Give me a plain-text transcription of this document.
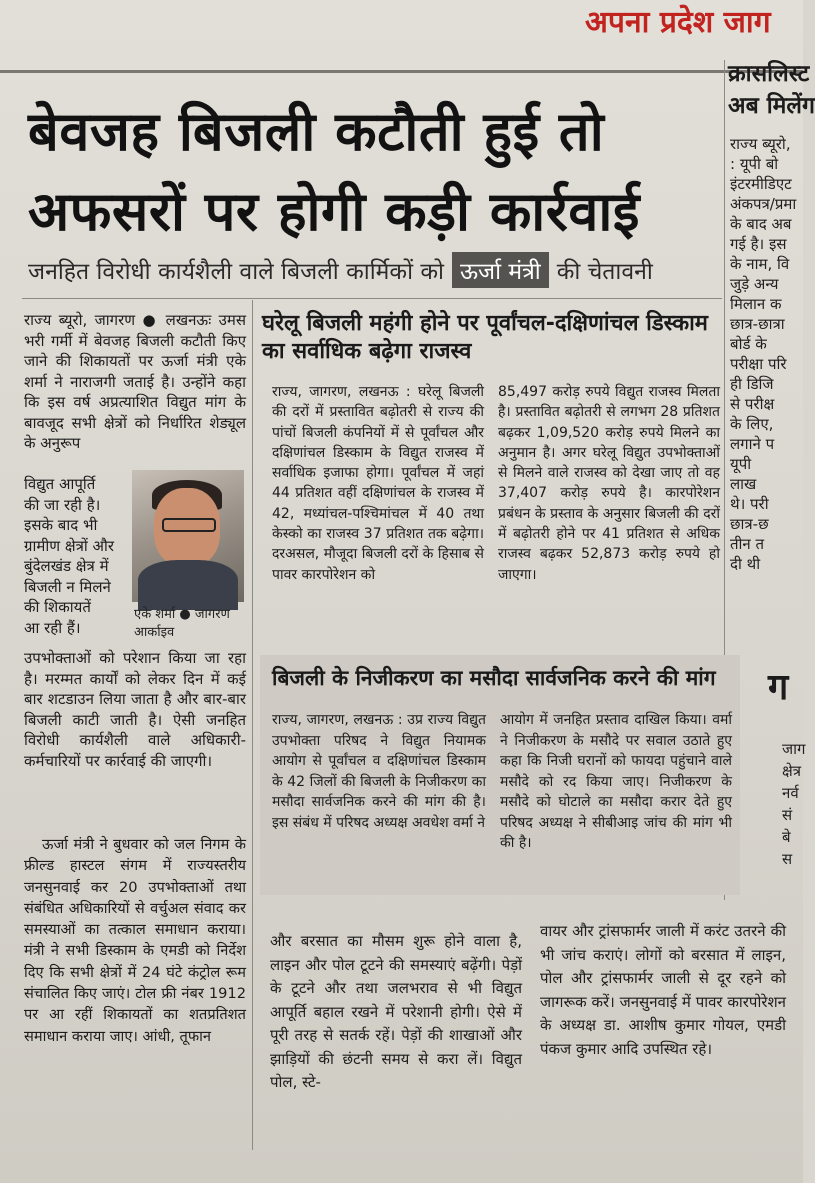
अपना प्रदेश जाग
बेवजह बिजली कटौती हुई तो
अफसरों पर होगी कड़ी कार्रवाई
जनहित विरोधी कार्यशैली वाले बिजली कार्मिकों को ऊर्जा मंत्री की चेतावनी
राज्य ब्यूरो, जागरण ● लखनऊः उमस भरी गर्मी में बेवजह बिजली कटौती किए जाने की शिकायतों पर ऊर्जा मंत्री एके शर्मा ने नाराजगी जताई है। उन्होंने कहा कि इस वर्ष अप्रत्याशित विद्युत मांग के बावजूद सभी क्षेत्रों को निर्धारित शेड्यूल के अनुरूप
विद्युत आपूर्ति
की जा रही है।
इसके बाद भी
ग्रामीण क्षेत्रों और
बुंदेलखंड क्षेत्र में
बिजली न मिलने
की शिकायतें
आ रही हैं।
एके शर्मा ● जागरण आर्काइव
उपभोक्ताओं को परेशान किया जा रहा है। मरम्मत कार्यों को लेकर दिन में कई बार शटडाउन लिया जाता है और बार-बार बिजली काटी जाती है। ऐसी जनहित विरोधी कार्यशैली वाले अधिकारी-कर्मचारियों पर कार्रवाई की जाएगी।
ऊर्जा मंत्री ने बुधवार को जल निगम के फ्रील्ड हास्टल संगम में राज्यस्तरीय जनसुनवाई कर 20 उपभोक्ताओं तथा संबंधित अधिकारियों से वर्चुअल संवाद कर समस्याओं का तत्काल समाधान कराया। मंत्री ने सभी डिस्काम के एमडी को निर्देश दिए कि सभी क्षेत्रों में 24 घंटे कंट्रोल रूम संचालित किए जाएं। टोल फ्री नंबर 1912 पर आ रहीं शिकायतों का शतप्रतिशत समाधान कराया जाए। आंधी, तूफान
घरेलू बिजली महंगी होने पर पूर्वांचल-दक्षिणांचल डिस्काम का सर्वाधिक बढ़ेगा राजस्व
राज्य, जागरण, लखनऊ : घरेलू बिजली की दरों में प्रस्तावित बढ़ोतरी से राज्य की पांचों बिजली कंपनियों में से पूर्वांचल और दक्षिणांचल डिस्काम के विद्युत राजस्व में सर्वाधिक इजाफा होगा। पूर्वांचल में जहां 44 प्रतिशत वहीं दक्षिणांचल के राजस्व में 42, मध्यांचल-पश्चिमांचल में 40 तथा केस्को का राजस्व 37 प्रतिशत तक बढ़ेगा। दरअसल, मौजूदा बिजली दरों के हिसाब से पावर कारपोरेशन को
85,497 करोड़ रुपये विद्युत राजस्व मिलता है। प्रस्तावित बढ़ोतरी से लगभग 28 प्रतिशत बढ़कर 1,09,520 करोड़ रुपये मिलने का अनुमान है। अगर घरेलू विद्युत उपभोक्ताओं से मिलने वाले राजस्व को देखा जाए तो वह 37,407 करोड़ रुपये है। कारपोरेशन प्रबंधन के प्रस्ताव के अनुसार बिजली की दरों में बढ़ोतरी होने पर 41 प्रतिशत से अधिक राजस्व बढ़कर 52,873 करोड़ रुपये हो जाएगा।
बिजली के निजीकरण का मसौदा सार्वजनिक करने की मांग
राज्य, जागरण, लखनऊ : उप्र राज्य विद्युत उपभोक्ता परिषद ने विद्युत नियामक आयोग से पूर्वांचल व दक्षिणांचल डिस्काम के 42 जिलों की बिजली के निजीकरण का मसौदा सार्वजनिक करने की मांग की है। इस संबंध में परिषद अध्यक्ष अवधेश वर्मा ने
आयोग में जनहित प्रस्ताव दाखिल किया। वर्मा ने निजीकरण के मसौदे पर सवाल उठाते हुए कहा कि निजी घरानों को फायदा पहुंचाने वाले मसौदे को रद किया जाए। निजीकरण के मसौदे को घोटाले का मसौदा करार देते हुए परिषद अध्यक्ष ने सीबीआइ जांच की मांग भी की है।
और बरसात का मौसम शुरू होने वाला है, लाइन और पोल टूटने की समस्याएं बढ़ेंगी। पेड़ों के टूटने और तथा जलभराव से भी विद्युत आपूर्ति बहाल रखने में परेशानी होगी। ऐसे में पूरी तरह से सतर्क रहें। पेड़ों की शाखाओं और झाड़ियों की छंटनी समय से करा लें। विद्युत पोल, स्टे-
वायर और ट्रांसफार्मर जाली में करंट उतरने की भी जांच कराएं। लोगों को बरसात में लाइन, पोल और ट्रांसफार्मर जाली से दूर रहने को जागरूक करें। जनसुनवाई में पावर कारपोरेशन के अध्यक्ष डा. आशीष कुमार गोयल, एमडी पंकज कुमार आदि उपस्थित रहे।
क्रासलिस्ट
अब मिलेंग

राज्य ब्यूरो,

: यूपी बो

इंटरमीडिएट

अंकपत्र/प्रमा

के बाद अब

गई है। इस

के नाम, वि

जुड़े अन्य

मिलान क

छात्र-छात्रा

बोर्ड के

परीक्षा परि

ही डिजि

से परीक्ष

के लिए,

लगाने प

यूपी

लाख

थे। परी

छात्र-छ

तीन त

दी थी

ग

जाग

क्षेत्र

नर्व

सं

बे

स
